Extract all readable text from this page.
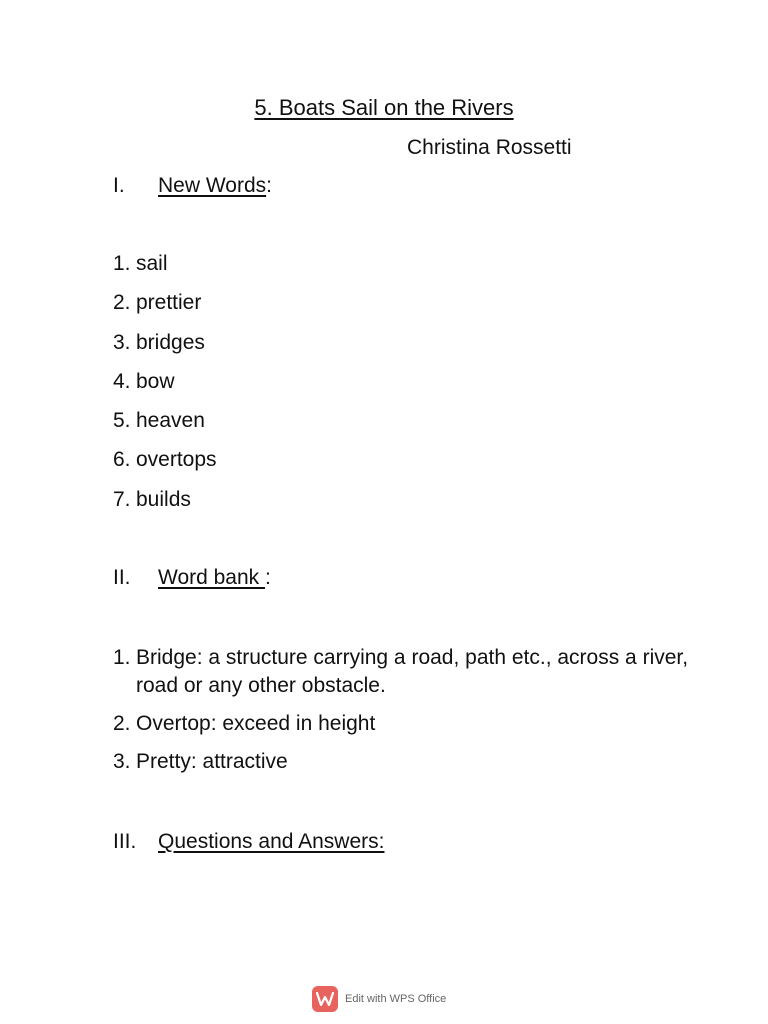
5. Boats Sail on the Rivers
Christina Rossetti
I. New Words:
1. sail
2. prettier
3. bridges
4. bow
5. heaven
6. overtops
7. builds
II. Word bank :
1. Bridge: a structure carrying a road, path etc., across a river, road or any other obstacle.
2. Overtop: exceed in height
3. Pretty: attractive
III. Questions and Answers:
Edit with WPS Office
